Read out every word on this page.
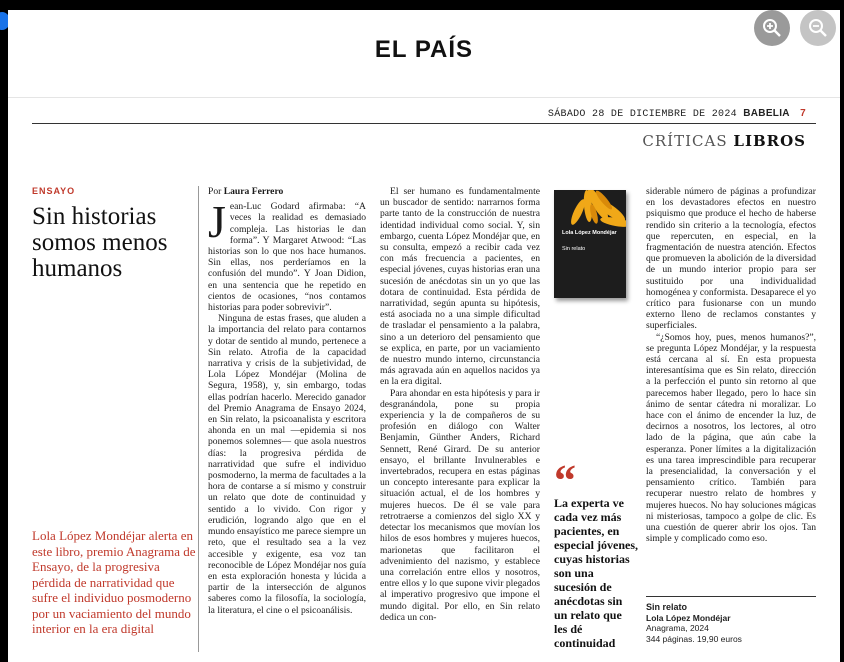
EL PAÍS
SÁBADO 28 DE DICIEMBRE DE 2024 BABELIA 7
CRÍTICAS LIBROS
ENSAYO
Sin historias somos menos humanos
Lola López Mondéjar alerta en este libro, premio Anagrama de Ensayo, de la progresiva pérdida de narratividad que sufre el individuo posmoderno por un vaciamiento del mundo interior en la era digital
Por Laura Ferrero
J ean-Luc Godard afirmaba: “A veces la realidad es demasiado compleja. Las historias le dan forma”. Y Margaret Atwood: “Las historias son lo que nos hace humanos. Sin ellas, nos perderíamos en la confusión del mundo”. Y Joan Didion, en una sentencia que he repetido en cientos de ocasiones, “nos contamos historias para poder sobrevivir”.

Ninguna de estas frases, que aluden a la importancia del relato para contarnos y dotar de sentido al mundo, pertenece a Sin relato. Atrofia de la capacidad narrativa y crisis de la subjetividad, de Lola López Mondéjar (Molina de Segura, 1958), y, sin embargo, todas ellas podrían hacerlo. Merecido ganador del Premio Anagrama de Ensayo 2024, en Sin relato, la psicoanalista y escritora ahonda en un mal —epidemia si nos ponemos solemnes— que asola nuestros días: la progresiva pérdida de narratividad que sufre el individuo posmoderno, la merma de facultades a la hora de contarse a sí mismo y construir un relato que dote de continuidad y sentido a lo vivido. Con rigor y erudición, logrando algo que en el mundo ensayístico me parece siempre un reto, que el resultado sea a la vez accesible y exigente, esa voz tan reconocible de López Mondéjar nos guía en esta exploración honesta y lúcida a partir de la intersección de algunos saberes como la filosofía, la sociología, la literatura, el cine o el psicoanálisis.

El ser humano es fundamentalmente un buscador de sentido: narrarnos forma parte tanto de la construcción de nuestra identidad individual como social. Y, sin embargo, cuenta López Mondéjar que, en su consulta, empezó a recibir cada vez con más frecuencia a pacientes, en especial jóvenes, cuyas historias eran una sucesión de anécdotas sin un yo que las dotara de continuidad. Esta pérdida de narratividad, según apunta su hipótesis, está asociada no a una simple dificultad de trasladar el pensamiento a la palabra, sino a un deterioro del pensamiento que se explica, en parte, por un vaciamiento de nuestro mundo interno, circunstancia más agravada aún en aquellos nacidos ya en la era digital.

Para ahondar en esta hipótesis y para ir desgranándola, pone su propia experiencia y la de compañeros de su profesión en diálogo con Walter Benjamin, Günther Anders, Richard Sennett, René Girard. De su anterior ensayo, el brillante Invulnerables e invertebrados, recupera en estas páginas un concepto interesante para explicar la situación actual, el de los hombres y mujeres huecos. De él se vale para retrotraerse a comienzos del siglo XX y detectar los mecanismos que movían los hilos de esos hombres y mujeres huecos, marionetas que facilitaron el advenimiento del nazismo, y establece una correlación entre ellos y nosotros, entre ellos y lo que supone vivir plegados al imperativo progresivo que impone el mundo digital. Por ello, en Sin relato dedica un con-

Lola López Mondéjar
Sin relato
“
La experta ve cada vez más pacientes, en especial jóvenes, cuyas historias son una sucesión de anécdotas sin un relato que les dé continuidad

siderable número de páginas a profundizar en los devastadores efectos en nuestro psiquismo que produce el hecho de haberse rendido sin criterio a la tecnología, efectos que repercuten, en especial, en la fragmentación de nuestra atención. Efectos que promueven la abolición de la diversidad de un mundo interior propio para ser sustituido por una individualidad homogénea y conformista. Desaparece el yo crítico para fusionarse con un mundo externo lleno de reclamos constantes y superficiales.

“¿Somos hoy, pues, menos humanos?”, se pregunta López Mondéjar, y la respuesta está cercana al sí. En esta propuesta interesantísima que es Sin relato, dirección a la perfección el punto sin retorno al que parecemos haber llegado, pero lo hace sin ánimo de sentar cátedra ni moralizar. Lo hace con el ánimo de encender la luz, de decirnos a nosotros, los lectores, al otro lado de la página, que aún cabe la esperanza. Poner límites a la digitalización es una tarea imprescindible para recuperar la presencialidad, la conversación y el pensamiento crítico. También para recuperar nuestro relato de hombres y mujeres huecos. No hay soluciones mágicas ni misteriosas, tampoco a golpe de clic. Es una cuestión de querer abrir los ojos. Tan simple y complicado como eso.

Sin relato
Lola López Mondéjar
Anagrama, 2024
344 páginas. 19,90 euros
